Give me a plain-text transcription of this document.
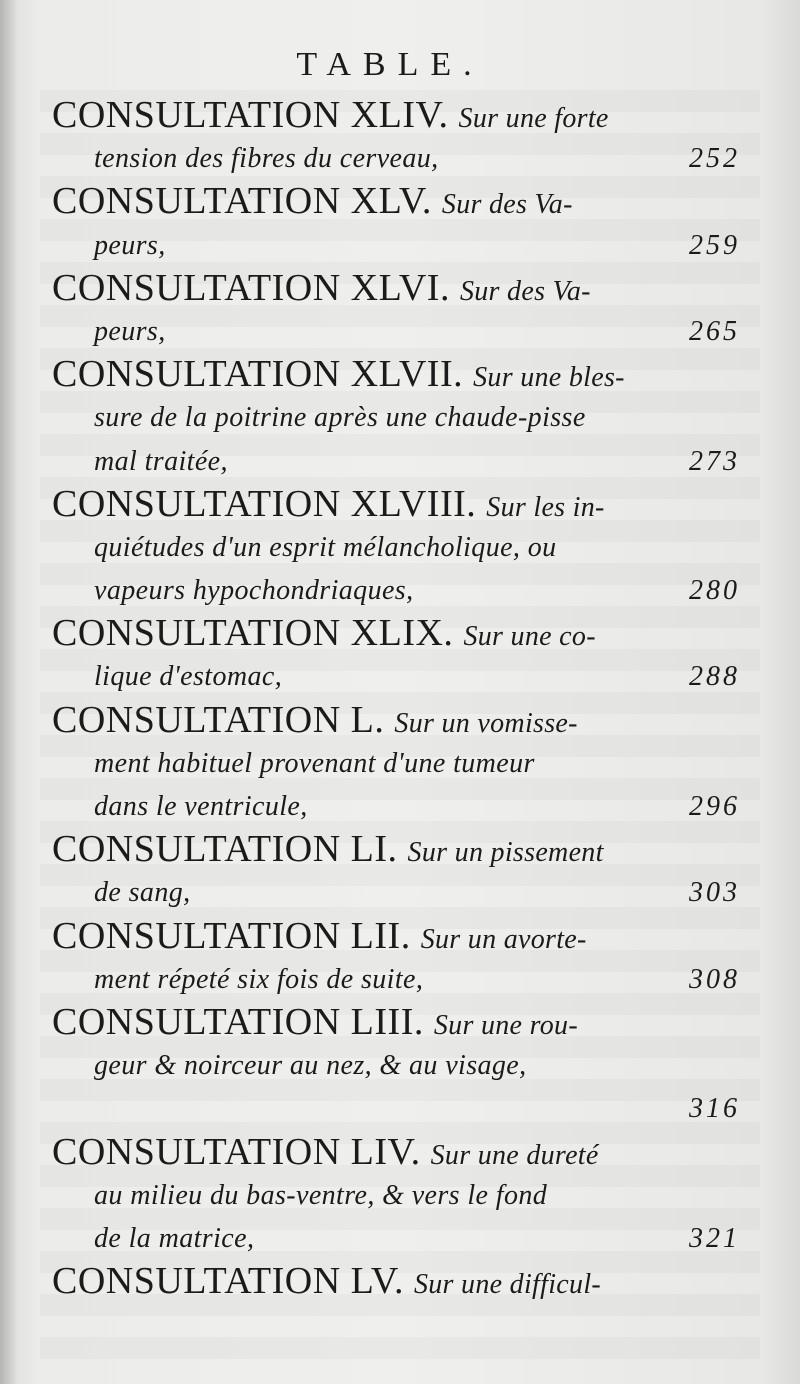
TABLE.
CONSULTATION XLIV. Sur une forte
tension des fibres du cerveau,	252
CONSULTATION XLV. Sur des Va-
peurs,	259
CONSULTATION XLVI. Sur des Va-
peurs,	265
CONSULTATION XLVII. Sur une bles-
sure de la poitrine après une chaude-pisse
mal traitée,	273
CONSULTATION XLVIII. Sur les in-
quiétudes d'un esprit mélancholique, ou
vapeurs hypochondriaques,	280
CONSULTATION XLIX. Sur une co-
lique d'estomac,	288
CONSULTATION L. Sur un vomisse-
ment habituel provenant d'une tumeur
dans le ventricule,	296
CONSULTATION LI. Sur un pissement
de sang,	303
CONSULTATION LII. Sur un avorte-
ment répeté six fois de suite,	308
CONSULTATION LIII. Sur une rou-
geur & noirceur au nez, & au visage,
316
CONSULTATION LIV. Sur une dureté
au milieu du bas-ventre, & vers le fond
de la matrice,	321
CONSULTATION LV. Sur une difficul-
